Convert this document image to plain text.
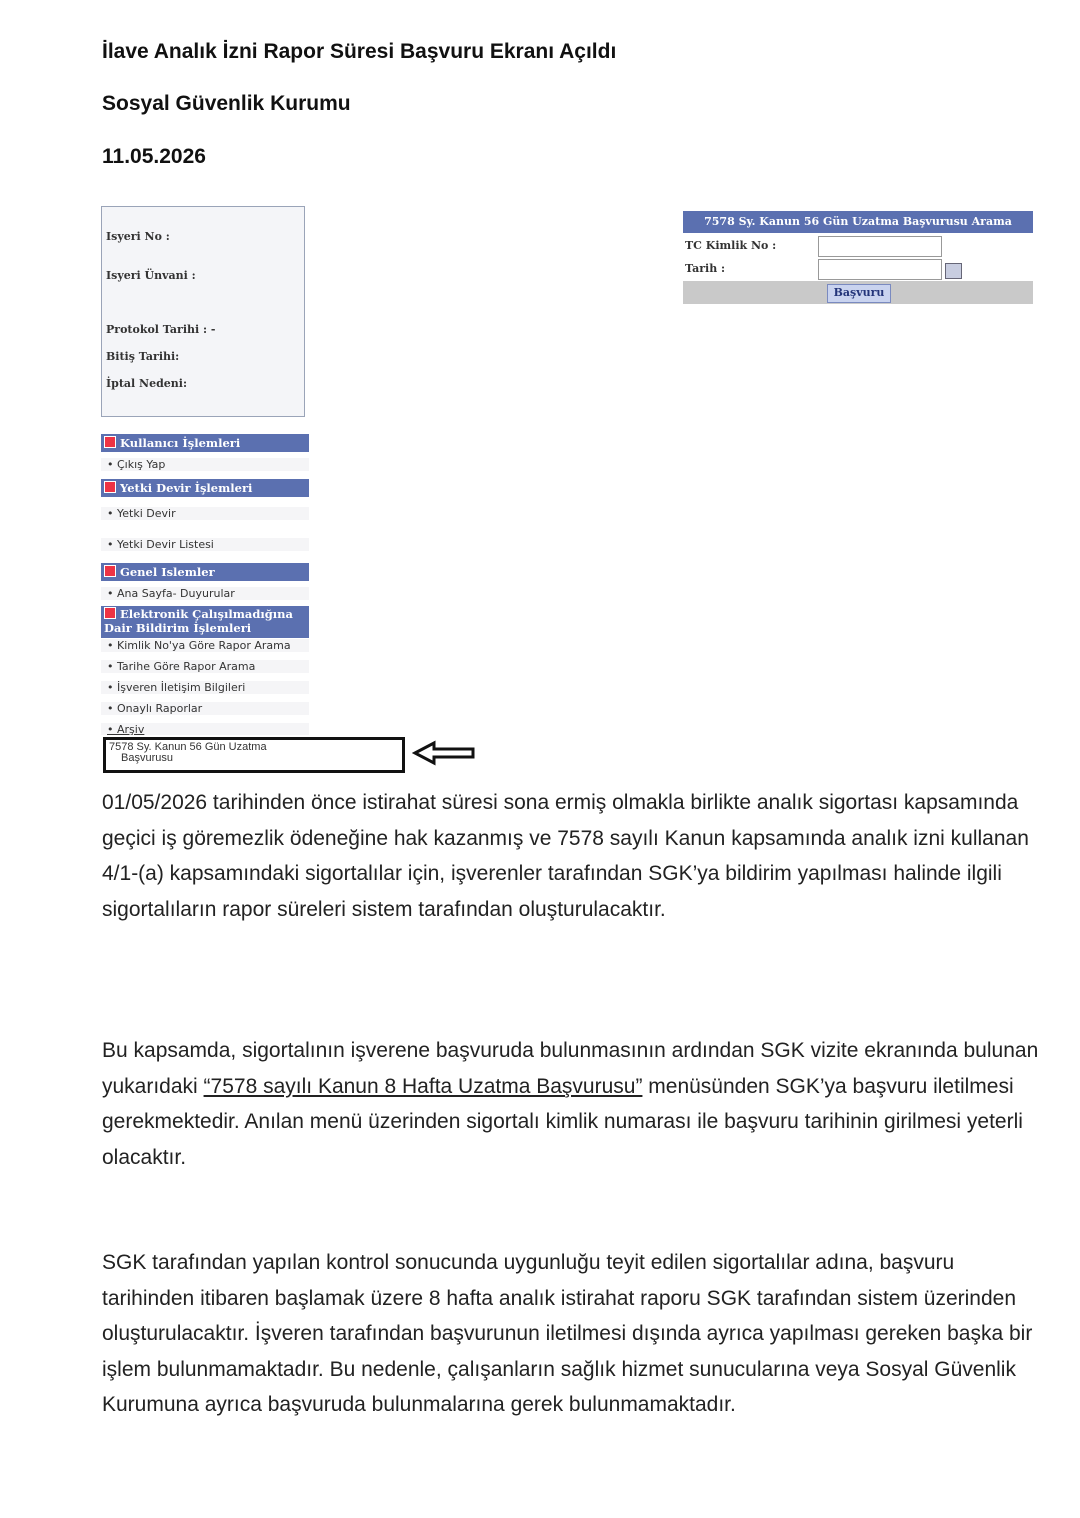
İlave Analık İzni Rapor Süresi Başvuru Ekranı Açıldı
Sosyal Güvenlik Kurumu
11.05.2026
Isyeri No :
Isyeri Ünvani :
Protokol Tarihi : -
Bitiş Tarihi:
İptal Nedeni:
Kullanıcı İşlemleri
• Çıkış Yap
Yetki Devir İşlemleri
• Yetki Devir
• Yetki Devir Listesi
Genel Islemler
• Ana Sayfa- Duyurular
Elektronik Çalışılmadığına
Dair Bildirim İşlemleri
• Kimlik No'ya Göre Rapor Arama
• Tarihe Göre Rapor Arama
• İşveren İletişim Bilgileri
• Onaylı Raporlar
• Arşiv
7578 Sy. Kanun 56 Gün Uzatma
Başvurusu
7578 Sy. Kanun 56 Gün Uzatma Başvurusu Arama
TC Kimlik No :
Tarih :
Başvuru

01/05/2026 tarihinden önce istirahat süresi sona ermiş olmakla birlikte analık sigortası kapsamında geçici iş göremezlik ödeneğine hak kazanmış ve 7578 sayılı Kanun kapsamında analık izni kullanan 4/1-(a) kapsamındaki sigortalılar için, işverenler tarafından SGK’ya bildirim yapılması halinde ilgili sigortalıların rapor süreleri sistem tarafından oluşturulacaktır.

Bu kapsamda, sigortalının işverene başvuruda bulunmasının ardından SGK vizite ekranında bulunan yukarıdaki “7578 sayılı Kanun 8 Hafta Uzatma Başvurusu” menüsünden SGK’ya başvuru iletilmesi gerekmektedir. Anılan menü üzerinden sigortalı kimlik numarası ile başvuru tarihinin girilmesi yeterli olacaktır.

SGK tarafından yapılan kontrol sonucunda uygunluğu teyit edilen sigortalılar adına, başvuru tarihinden itibaren başlamak üzere 8 hafta analık istirahat raporu SGK tarafından sistem üzerinden oluşturulacaktır. İşveren tarafından başvurunun iletilmesi dışında ayrıca yapılması gereken başka bir işlem bulunmamaktadır. Bu nedenle, çalışanların sağlık hizmet sunucularına veya Sosyal Güvenlik Kurumuna ayrıca başvuruda bulunmalarına gerek bulunmamaktadır.
